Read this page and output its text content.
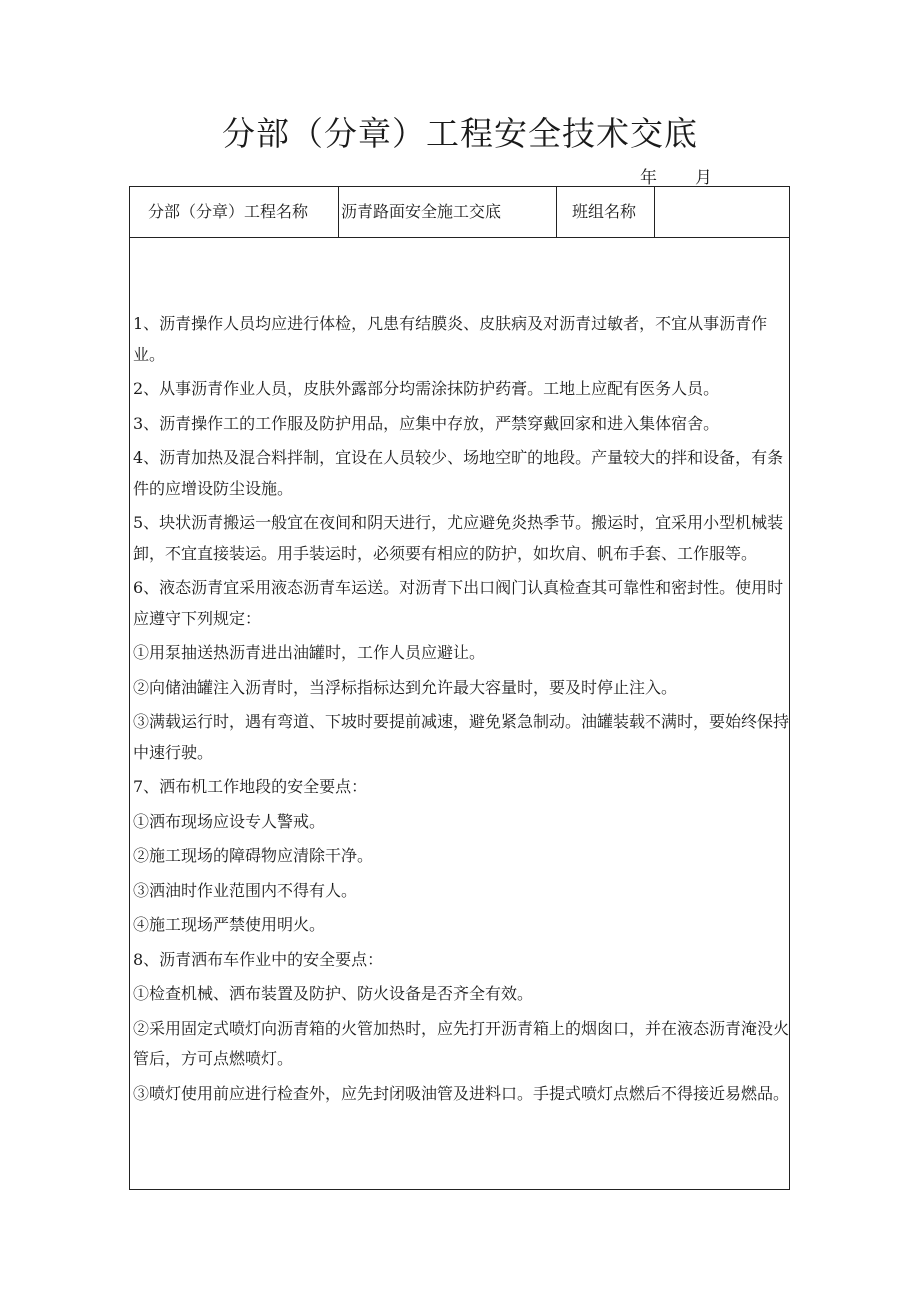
分部（分章）工程安全技术交底
年 月
分部（分章）工程名称 沥青路面安全施工交底	班组名称

1、沥青操作人员均应进行体检，凡患有结膜炎、皮肤病及对沥青过敏者，不宜从事沥青作业。

2、从事沥青作业人员，皮肤外露部分均需涂抹防护药膏。工地上应配有医务人员。

3、沥青操作工的工作服及防护用品，应集中存放，严禁穿戴回家和进入集体宿舍。

4、沥青加热及混合料拌制，宜设在人员较少、场地空旷的地段。产量较大的拌和设备，有条件的应增设防尘设施。

5、块状沥青搬运一般宜在夜间和阴天进行，尤应避免炎热季节。搬运时，宜采用小型机械装卸，不宜直接装运。用手装运时，必须要有相应的防护，如坎肩、帆布手套、工作服等。

6、液态沥青宜采用液态沥青车运送。对沥青下出口阀门认真检查其可靠性和密封性。使用时应遵守下列规定：

①用泵抽送热沥青进出油罐时，工作人员应避让。

②向储油罐注入沥青时，当浮标指标达到允许最大容量时，要及时停止注入。

③满载运行时，遇有弯道、下坡时要提前减速，避免紧急制动。油罐装载不满时，要始终保持中速行驶。

7、洒布机工作地段的安全要点：

①洒布现场应设专人警戒。

②施工现场的障碍物应清除干净。

③洒油时作业范围内不得有人。

④施工现场严禁使用明火。

8、沥青洒布车作业中的安全要点：

①检查机械、洒布装置及防护、防火设备是否齐全有效。

②采用固定式喷灯向沥青箱的火管加热时，应先打开沥青箱上的烟囱口，并在液态沥青淹没火管后，方可点燃喷灯。

③喷灯使用前应进行检查外，应先封闭吸油管及进料口。手提式喷灯点燃后不得接近易燃品。
